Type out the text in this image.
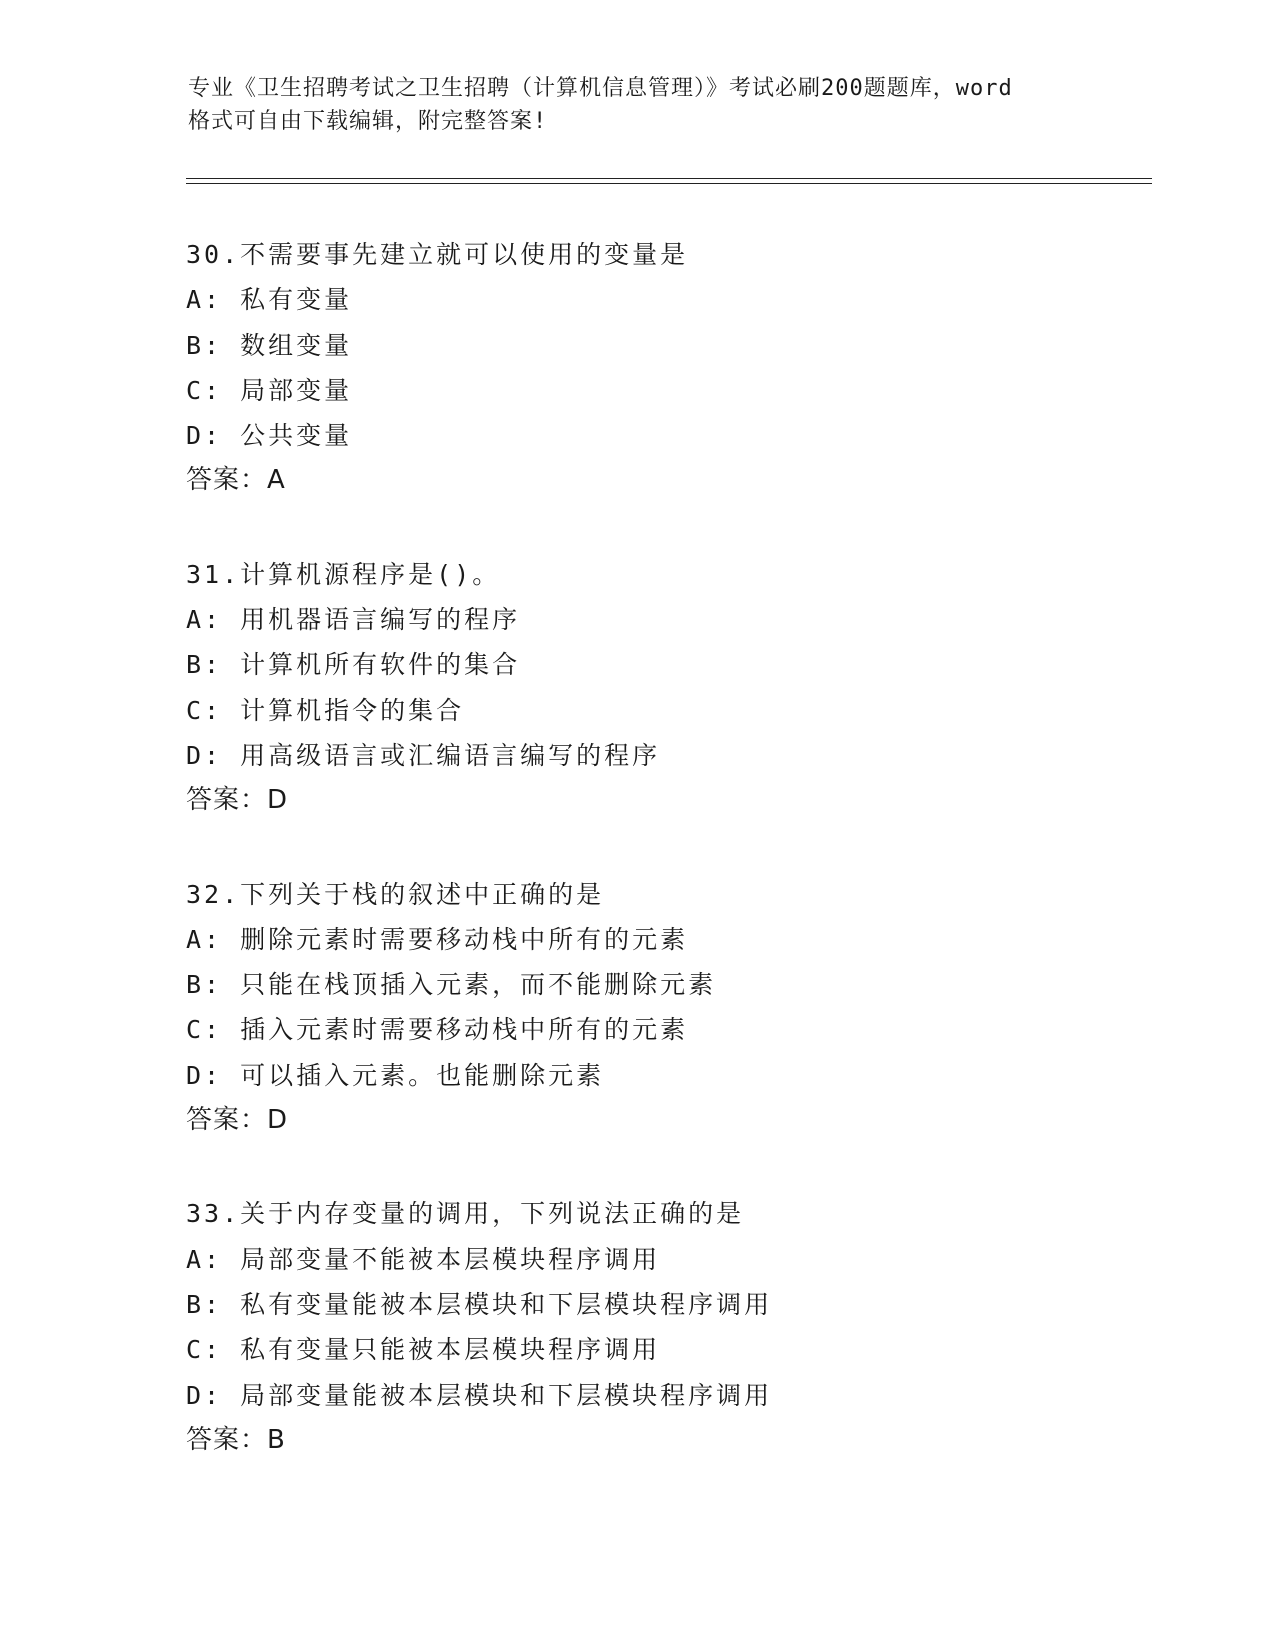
专业《卫生招聘考试之卫生招聘（计算机信息管理）》考试必刷200题题库，word
格式可自由下载编辑，附完整答案!
30.不需要事先建立就可以使用的变量是
A: 私有变量
B: 数组变量
C: 局部变量
D: 公共变量
答案：A
31.计算机源程序是()。
A: 用机器语言编写的程序
B: 计算机所有软件的集合
C: 计算机指令的集合
D: 用高级语言或汇编语言编写的程序
答案：D
32.下列关于栈的叙述中正确的是
A: 删除元素时需要移动栈中所有的元素
B: 只能在栈顶插入元素，而不能删除元素
C: 插入元素时需要移动栈中所有的元素
D: 可以插入元素。也能删除元素
答案：D
33.关于内存变量的调用，下列说法正确的是
A: 局部变量不能被本层模块程序调用
B: 私有变量能被本层模块和下层模块程序调用
C: 私有变量只能被本层模块程序调用
D: 局部变量能被本层模块和下层模块程序调用
答案：B
